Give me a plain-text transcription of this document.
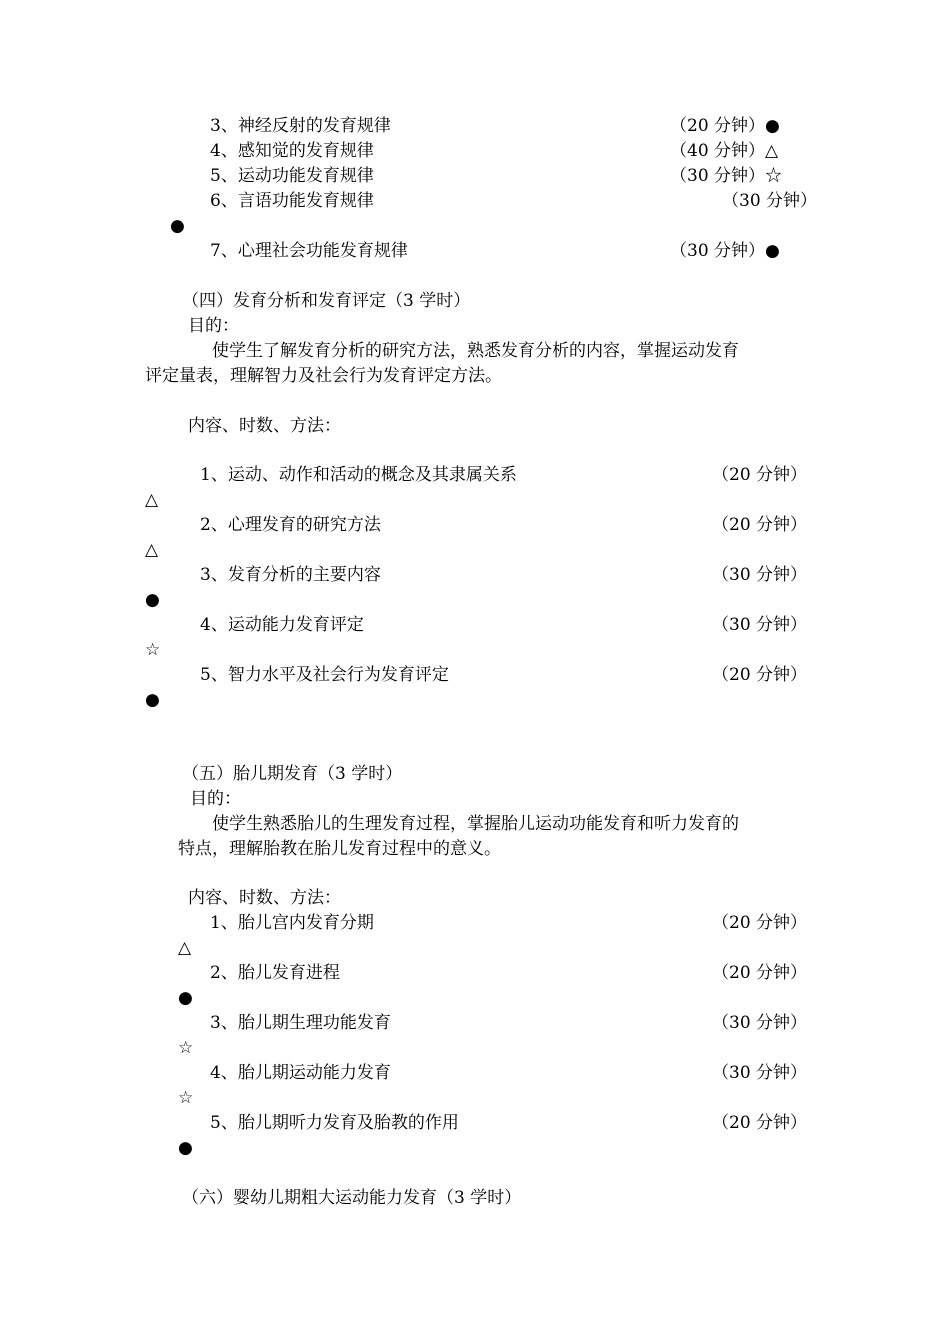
3、神经反射的发育规律	（20 分钟）●
4、感知觉的发育规律	（40 分钟）△
5、运动功能发育规律	（30 分钟）☆
6、言语功能发育规律	（30 分钟）
●
7、心理社会功能发育规律	（30 分钟）●
（四）发育分析和发育评定（3 学时）
目的：
使学生了解发育分析的研究方法，熟悉发育分析的内容，掌握运动发育
评定量表，理解智力及社会行为发育评定方法。
内容、时数、方法：
1、运动、动作和活动的概念及其隶属关系	（20 分钟）
△
2、心理发育的研究方法	（20 分钟）
△
3、发育分析的主要内容	（30 分钟）
●
4、运动能力发育评定	（30 分钟）
☆
5、智力水平及社会行为发育评定	（20 分钟）
●
（五）胎儿期发育（3 学时）
目的：
使学生熟悉胎儿的生理发育过程，掌握胎儿运动功能发育和听力发育的
特点，理解胎教在胎儿发育过程中的意义。
内容、时数、方法：
1、胎儿宫内发育分期	（20 分钟）
△
2、胎儿发育进程	（20 分钟）
●
3、胎儿期生理功能发育	（30 分钟）
☆
4、胎儿期运动能力发育	（30 分钟）
☆
5、胎儿期听力发育及胎教的作用	（20 分钟）
●
（六）婴幼儿期粗大运动能力发育（3 学时）
